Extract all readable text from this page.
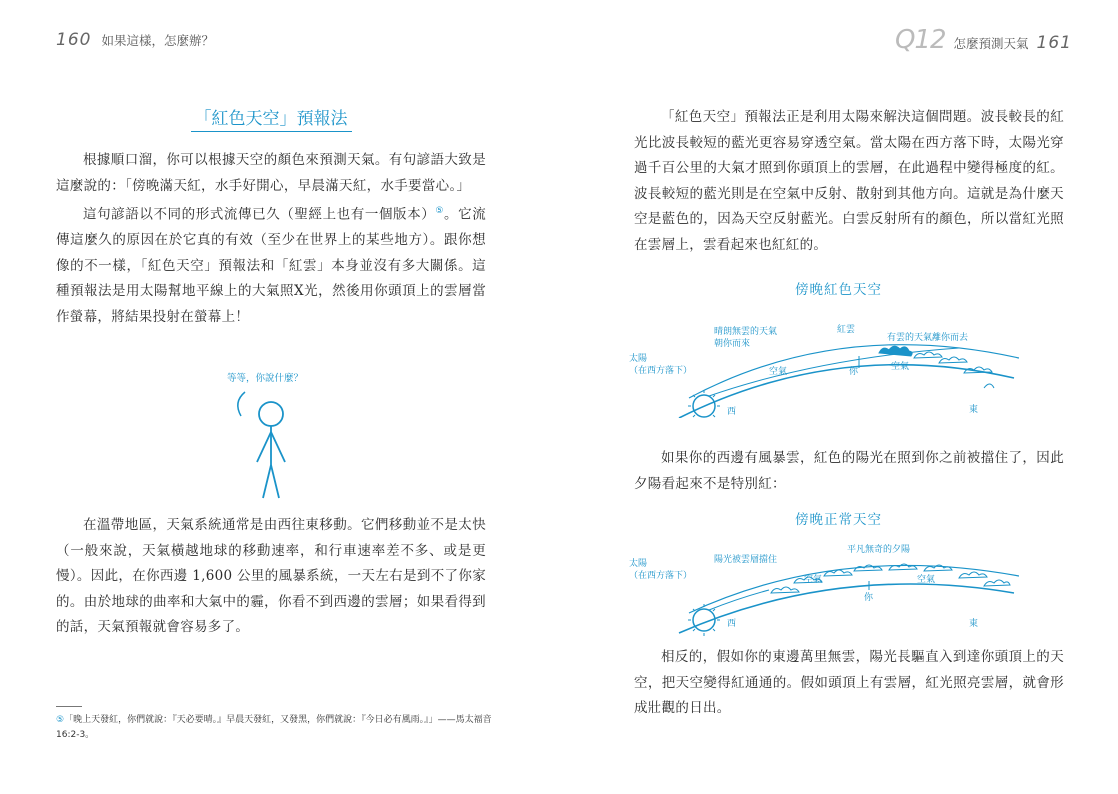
160 如果這樣，怎麼辦？
「紅色天空」預報法

根據順口溜，你可以根據天空的顏色來預測天氣。有句諺語大致是這麼說的：「傍晚滿天紅，水手好開心，早晨滿天紅，水手要當心。」

這句諺語以不同的形式流傳已久（聖經上也有一個版本）⑤。它流傳這麼久的原因在於它真的有效（至少在世界上的某些地方）。跟你想像的不一樣，「紅色天空」預報法和「紅雲」本身並沒有多大關係。這種預報法是用太陽幫地平線上的大氣照X光，然後用你頭頂上的雲層當作螢幕，將結果投射在螢幕上！

等等，你說什麼？

在溫帶地區，天氣系統通常是由西往東移動。它們移動並不是太快（一般來說，天氣橫越地球的移動速率，和行車速率差不多、或是更慢）。因此，在你西邊 1,600 公里的風暴系統，一天左右是到不了你家的。由於地球的曲率和大氣中的霾，你看不到西邊的雲層；如果看得到的話，天氣預報就會容易多了。

⑤「晚上天發紅，你們就說：『天必要晴。』早晨天發紅，又發黑，你們就說：『今日必有風雨。』」——馬太福音16:2-3。
Q12 怎麼預測天氣 161

「紅色天空」預報法正是利用太陽來解決這個問題。波長較長的紅光比波長較短的藍光更容易穿透空氣。當太陽在西方落下時，太陽光穿過千百公里的大氣才照到你頭頂上的雲層，在此過程中變得極度的紅。波長較短的藍光則是在空氣中反射、散射到其他方向。這就是為什麼天空是藍色的，因為天空反射藍光。白雲反射所有的顏色，所以當紅光照在雲層上，雲看起來也紅紅的。

傍晚紅色天空
太陽
（在西方落下）
晴朗無雲的天氣
朝你而來
紅雲
有雲的天氣離你而去
空氣	空氣
你
西	東

如果你的西邊有風暴雲，紅色的陽光在照到你之前被擋住了，因此夕陽看起來不是特別紅：

傍晚正常天空
太陽
（在西方落下）
陽光被雲層擋住
平凡無奇的夕陽
空氣	空氣
你
西	東

相反的，假如你的東邊萬里無雲，陽光長驅直入到達你頭頂上的天空，把天空變得紅通通的。假如頭頂上有雲層，紅光照亮雲層，就會形成壯觀的日出。
